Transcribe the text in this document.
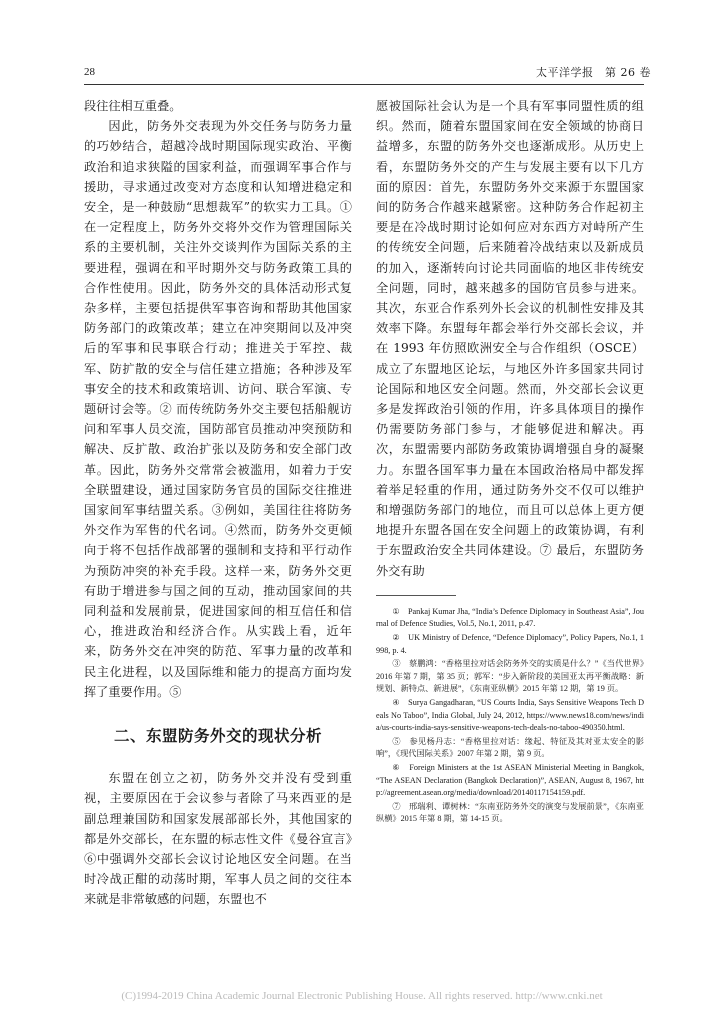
28	太平洋学报　第 26 卷

段往往相互重叠。

因此，防务外交表现为外交任务与防务力量的巧妙结合，超越冷战时期国际现实政治、平衡政治和追求狭隘的国家利益，而强调军事合作与援助，寻求通过改变对方态度和认知增进稳定和安全，是一种鼓励“思想裁军”的软实力工具。①在一定程度上，防务外交将外交作为管理国际关系的主要机制，关注外交谈判作为国际关系的主要进程，强调在和平时期外交与防务政策工具的合作性使用。因此，防务外交的具体活动形式复杂多样，主要包括提供军事咨询和帮助其他国家防务部门的政策改革；建立在冲突期间以及冲突后的军事和民事联合行动；推进关于军控、裁军、防扩散的安全与信任建立措施；各种涉及军事安全的技术和政策培训、访问、联合军演、专题研讨会等。② 而传统防务外交主要包括船舰访问和军事人员交流，国防部官员推动冲突预防和解决、反扩散、政治扩张以及防务和安全部门改革。因此，防务外交常常会被滥用，如着力于安全联盟建设，通过国家防务官员的国际交往推进国家间军事结盟关系。③例如，美国往往将防务外交作为军售的代名词。④然而，防务外交更倾向于将不包括作战部署的强制和支持和平行动作为预防冲突的补充手段。这样一来，防务外交更有助于增进参与国之间的互动，推动国家间的共同利益和发展前景，促进国家间的相互信任和信心，推进政治和经济合作。从实践上看，近年来，防务外交在冲突的防范、军事力量的改革和民主化进程，以及国际维和能力的提高方面均发挥了重要作用。⑤

二、东盟防务外交的现状分析

东盟在创立之初，防务外交并没有受到重视，主要原因在于会议参与者除了马来西亚的是副总理兼国防和国家发展部部长外，其他国家的都是外交部长，在东盟的标志性文件《曼谷宣言》⑥中强调外交部长会议讨论地区安全问题。在当时冷战正酣的动荡时期，军事人员之间的交往本来就是非常敏感的问题，东盟也不

愿被国际社会认为是一个具有军事同盟性质的组织。然而，随着东盟国家间在安全领域的协商日益增多，东盟的防务外交也逐渐成形。从历史上看，东盟防务外交的产生与发展主要有以下几方面的原因：首先，东盟防务外交来源于东盟国家间的防务合作越来越紧密。这种防务合作起初主要是在冷战时期讨论如何应对东西方对峙所产生的传统安全问题，后来随着冷战结束以及新成员的加入，逐渐转向讨论共同面临的地区非传统安全问题，同时，越来越多的国防官员参与进来。其次，东亚合作系列外长会议的机制性安排及其效率下降。东盟每年都会举行外交部长会议，并在 1993 年仿照欧洲安全与合作组织（OSCE）成立了东盟地区论坛，与地区外许多国家共同讨论国际和地区安全问题。然而，外交部长会议更多是发挥政治引领的作用，许多具体项目的操作仍需要防务部门参与，才能够促进和解决。再次，东盟需要内部防务政策协调增强自身的凝聚力。东盟各国军事力量在本国政治格局中都发挥着举足轻重的作用，通过防务外交不仅可以维护和增强防务部门的地位，而且可以总体上更方便地提升东盟各国在安全问题上的政策协调，有利于东盟政治安全共同体建设。⑦ 最后，东盟防务外交有助

①　Pankaj Kumar Jha, “India’s Defence Diplomacy in Southeast Asia”, Journal of Defence Studies, Vol.5, No.1, 2011, p.47.

②　UK Ministry of Defence, “Defence Diplomacy”, Policy Papers, No.1, 1998, p. 4.

③　蔡鹏鸿：“香格里拉对话会防务外交的实质是什么？”《当代世界》2016 年第 7 期，第 35 页；郭军：“步入新阶段的美国亚太再平衡战略：新规划、新特点、新进展”，《东南亚纵横》2015 年第 12 期，第 19 页。

④　Surya Gangadharan, “US Courts India, Says Sensitive Weapons Tech Deals No Taboo”, India Global, July 24, 2012, https://www.news18.com/news/india/us-courts-india-says-sensitive-weapons-tech-deals-no-taboo-490350.html.

⑤　参见杨丹志：“香格里拉对话：缘起、特征及其对亚太安全的影响”，《现代国际关系》2007 年第 2 期，第 9 页。

⑥　Foreign Ministers at the 1st ASEAN Ministerial Meeting in Bangkok, “The ASEAN Declaration (Bangkok Declaration)”, ASEAN, August 8, 1967, http://agreement.asean.org/media/download/20140117154159.pdf.

⑦　邢瑞利、谭树林：“东南亚防务外交的演变与发展前景”，《东南亚纵横》2015 年第 8 期，第 14-15 页。

(C)1994-2019 China Academic Journal Electronic Publishing House. All rights reserved. http://www.cnki.net
